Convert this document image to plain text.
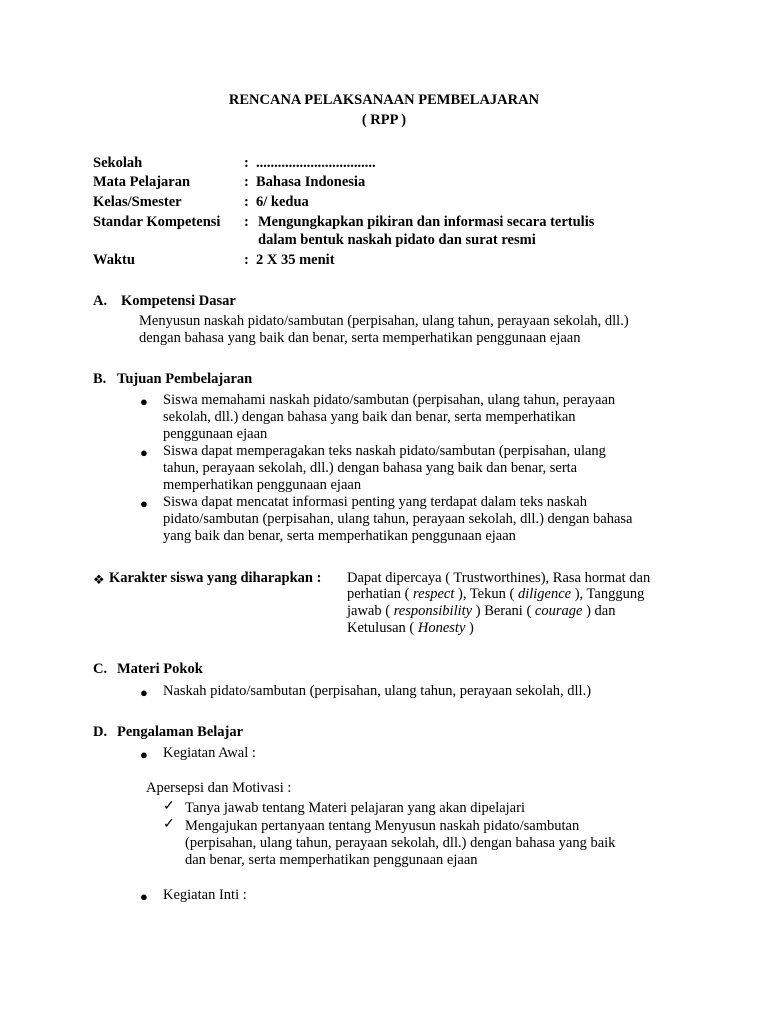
RENCANA PELAKSANAAN PEMBELAJARAN
( RPP )
Sekolah	: .................................
Mata Pelajaran	: Bahasa Indonesia
Kelas/Smester	: 6/ kedua
Standar Kompetensi : Mengungkapkan pikiran dan informasi secara tertulis
dalam bentuk naskah pidato dan surat resmi
Waktu	: 2 X 35 menit
A. Kompetensi Dasar
Menyusun naskah pidato/sambutan (perpisahan, ulang tahun, perayaan sekolah, dll.)
dengan bahasa yang baik dan benar, serta memperhatikan penggunaan ejaan
B. Tujuan Pembelajaran
● Siswa memahami naskah pidato/sambutan (perpisahan, ulang tahun, perayaan
sekolah, dll.) dengan bahasa yang baik dan benar, serta memperhatikan
penggunaan ejaan
● Siswa dapat memperagakan teks naskah pidato/sambutan (perpisahan, ulang
tahun, perayaan sekolah, dll.) dengan bahasa yang baik dan benar, serta
memperhatikan penggunaan ejaan
● Siswa dapat mencatat informasi penting yang terdapat dalam teks naskah
pidato/sambutan (perpisahan, ulang tahun, perayaan sekolah, dll.) dengan bahasa
yang baik dan benar, serta memperhatikan penggunaan ejaan
❖ Karakter siswa yang diharapkan : Dapat dipercaya ( Trustworthines), Rasa hormat dan
perhatian ( respect ), Tekun ( diligence ), Tanggung
jawab ( responsibility ) Berani ( courage ) dan
Ketulusan ( Honesty )
C. Materi Pokok
● Naskah pidato/sambutan (perpisahan, ulang tahun, perayaan sekolah, dll.)
D. Pengalaman Belajar
● Kegiatan Awal :
Apersepsi dan Motivasi :
✓ Tanya jawab tentang Materi pelajaran yang akan dipelajari
✓ Mengajukan pertanyaan tentang Menyusun naskah pidato/sambutan
(perpisahan, ulang tahun, perayaan sekolah, dll.) dengan bahasa yang baik
dan benar, serta memperhatikan penggunaan ejaan
● Kegiatan Inti :
